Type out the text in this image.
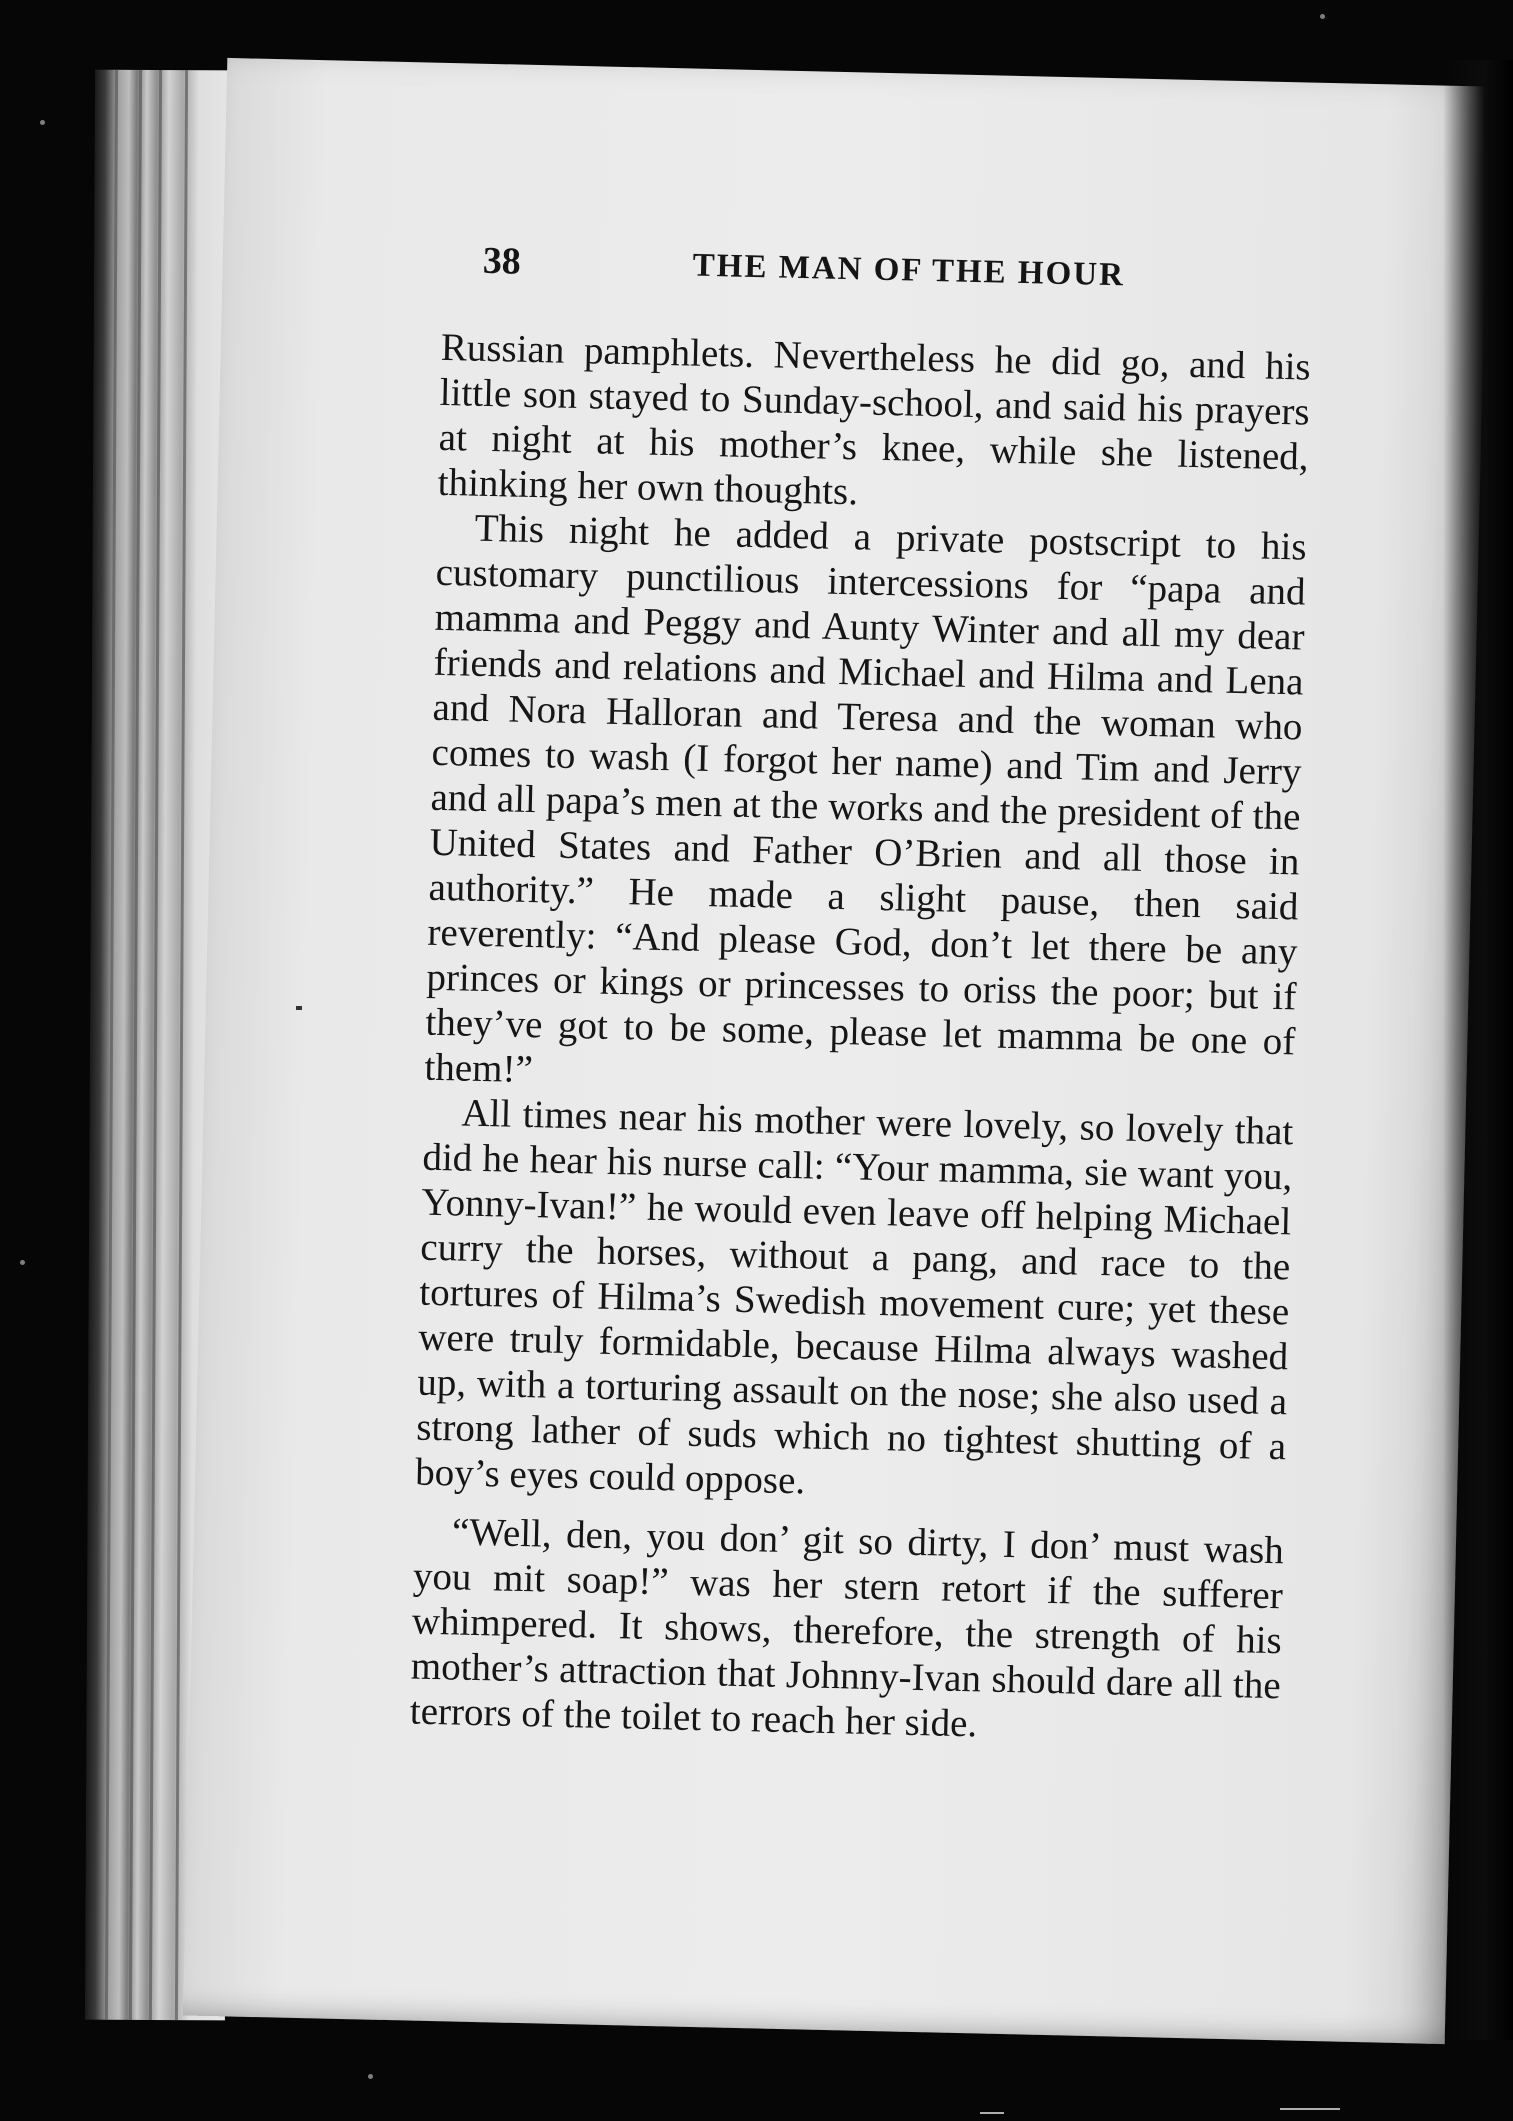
38	THE MAN OF THE HOUR

Russian pamphlets. Nevertheless he did go, and his little son stayed to Sunday-school, and said his prayers at night at his mother’s knee, while she listened, thinking her own thoughts.

This night he added a private postscript to his customary punctilious intercessions for “papa and mamma and Peggy and Aunty Winter and all my dear friends and relations and Michael and Hilma and Lena and Nora Halloran and Teresa and the woman who comes to wash (I forgot her name) and Tim and Jerry and all papa’s men at the works and the president of the United States and Father O’Brien and all those in authority.” He made a slight pause, then said reverently: “And please God, don’t let there be any princes or kings or princesses to oriss the poor; but if they’ve got to be some, please let mamma be one of them!”

All times near his mother were lovely, so lovely that did he hear his nurse call: “Your mamma, sie want you, Yonny-Ivan!” he would even leave off helping Michael curry the horses, without a pang, and race to the tortures of Hilma’s Swedish movement cure; yet these were truly formidable, because Hilma always washed up, with a torturing assault on the nose; she also used a strong lather of suds which no tightest shutting of a boy’s eyes could oppose.

“Well, den, you don’ git so dirty, I don’ must wash you mit soap!” was her stern retort if the sufferer whimpered. It shows, therefore, the strength of his mother’s attraction that Johnny-Ivan should dare all the terrors of the toilet to reach her side.
